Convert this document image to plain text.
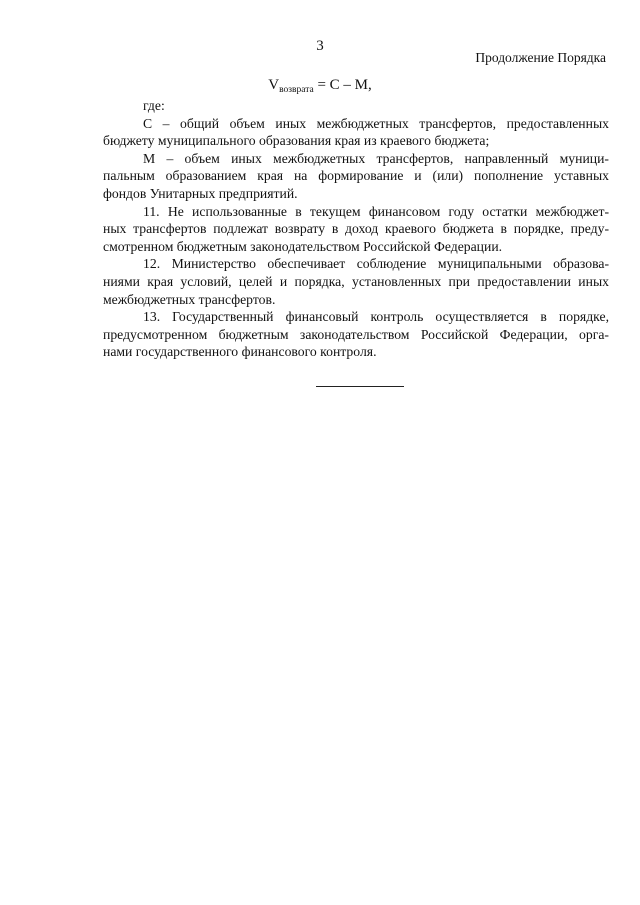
3
Продолжение Порядка
$V_{возврата} = C - M$,
где:
С – общий объем иных межбюджетных трансфертов, предоставленных
бюджету муниципального образования края из краевого бюджета;
М – объем иных межбюджетных трансфертов, направленный муници-
пальным образованием края на формирование и (или) пополнение уставных
фондов Унитарных предприятий.
11. Не использованные в текущем финансовом году остатки межбюджет-
ных трансфертов подлежат возврату в доход краевого бюджета в порядке, преду-
смотренном бюджетным законодательством Российской Федерации.
12. Министерство обеспечивает соблюдение муниципальными образова-
ниями края условий, целей и порядка, установленных при предоставлении иных
межбюджетных трансфертов.
13. Государственный финансовый контроль осуществляется в порядке,
предусмотренном бюджетным законодательством Российской Федерации, орга-
нами государственного финансового контроля.
